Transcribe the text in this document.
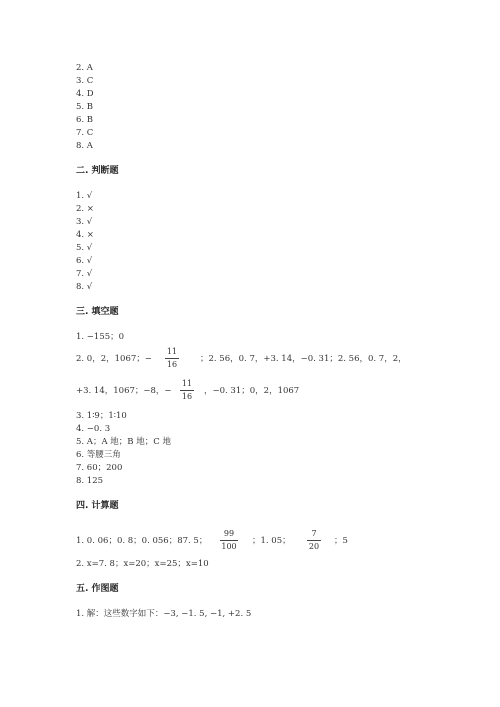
2. A
3. C
4. D
5. B
6. B
7. C
8. A
二. 判断题
1. √
2. ×
3. √
4. ×
5. √
6. √
7. √
8. √
三. 填空题
1. −155；0
2. 0，2，1067；−
11
16
；2. 56，0. 7，+3. 14，−0. 31；2. 56，0. 7，2，
+3. 14，1067；−8，−
11
16
，−0. 31；0，2，1067
3. 1∶9；1∶10
4. −0. 3
5. A；A 地；B 地；C 地
6. 等腰三角
7. 60；200
8. 125
四. 计算题
1. 0. 06；0. 8；0. 056；87. 5；
99
100
；1. 05；
7
20
；5
2. x=7. 8；x=20；x=25；x=10
五. 作图题
1. 解：这些数字如下：−3, −1. 5, −1, +2. 5
